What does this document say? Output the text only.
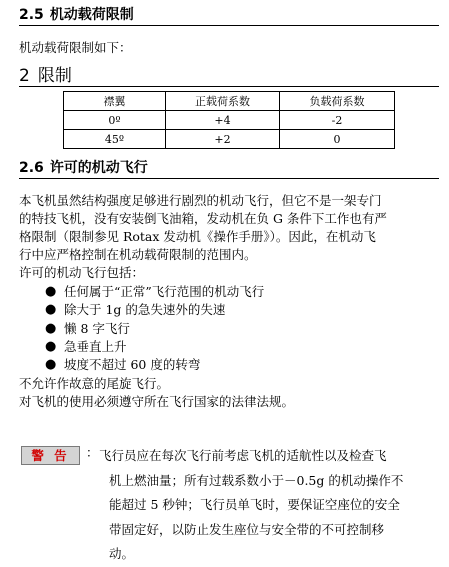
2.5 机动载荷限制
机动载荷限制如下：
2 限制
襟翼	正载荷系数	负载荷系数
0º	+4	-2
45º	+2	0
2.6 许可的机动飞行
本飞机虽然结构强度足够进行剧烈的机动飞行，但它不是一架专门
的特技飞机，没有安装倒飞油箱，发动机在负 G 条件下工作也有严
格限制（限制参见 Rotax 发动机《操作手册》）。因此，在机动飞
行中应严格控制在机动载荷限制的范围内。
许可的机动飞行包括：
● 任何属于“正常”飞行范围的机动飞行
● 除大于 1g 的急失速外的失速
● 懒 8 字飞行
● 急垂直上升
● 坡度不超过 60 度的转弯
不允许作故意的尾旋飞行。
对飞机的使用必须遵守所在飞行国家的法律法规。
警 告	： 飞行员应在每次飞行前考虑飞机的适航性以及检查飞
机上燃油量；所有过载系数小于－0.5g 的机动操作不
能超过 5 秒钟；飞行员单飞时，要保证空座位的安全
带固定好，以防止发生座位与安全带的不可控制移
动。
